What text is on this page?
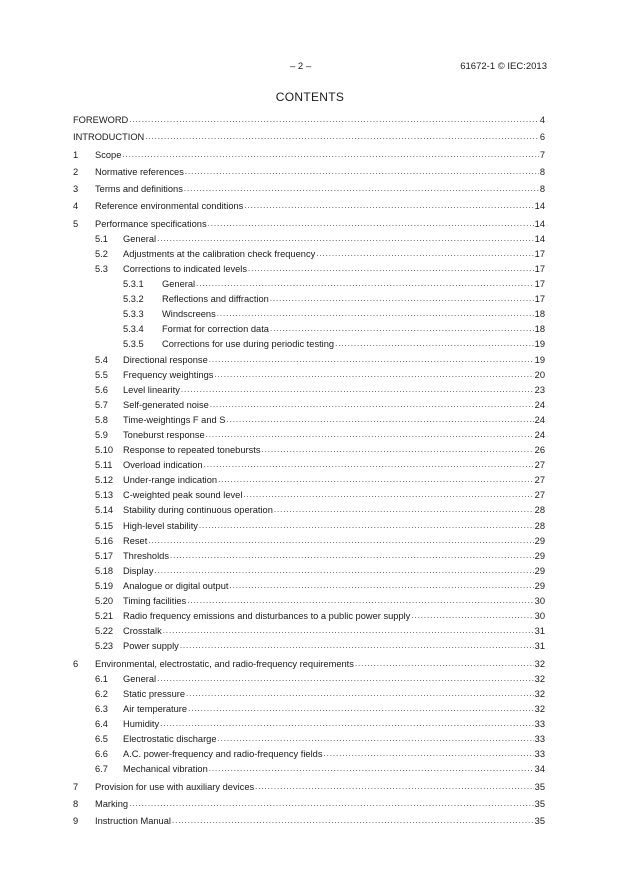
– 2 –	61672-1 © IEC:2013
CONTENTS
FOREWORD .....	4
INTRODUCTION .....	6
1 Scope .....	7
2 Normative references .....	8
3 Terms and definitions .....	8
4 Reference environmental conditions .....	14
5 Performance specifications .....	14
5.1 General .....	14
5.2 Adjustments at the calibration check frequency .....	17
5.3 Corrections to indicated levels .....	17
5.3.1 General .....	17
5.3.2 Reflections and diffraction .....	17
5.3.3 Windscreens .....	18
5.3.4 Format for correction data .....	18
5.3.5 Corrections for use during periodic testing .....	19
5.4 Directional response .....	19
5.5 Frequency weightings .....	20
5.6 Level linearity .....	23
5.7 Self-generated noise .....	24
5.8 Time-weightings F and S .....	24
5.9 Toneburst response .....	24
5.10 Response to repeated tonebursts .....	26
5.11 Overload indication .....	27
5.12 Under-range indication .....	27
5.13 C-weighted peak sound level .....	27
5.14 Stability during continuous operation .....	28
5.15 High-level stability .....	28
5.16 Reset .....	29
5.17 Thresholds .....	29
5.18 Display .....	29
5.19 Analogue or digital output .....	29
5.20 Timing facilities .....	30
5.21 Radio frequency emissions and disturbances to a public power supply .....	30
5.22 Crosstalk .....	31
5.23 Power supply .....	31
6 Environmental, electrostatic, and radio-frequency requirements .....	32
6.1 General .....	32
6.2 Static pressure .....	32
6.3 Air temperature .....	32
6.4 Humidity .....	33
6.5 Electrostatic discharge .....	33
6.6 A.C. power-frequency and radio-frequency fields .....	33
6.7 Mechanical vibration .....	34
7 Provision for use with auxiliary devices .....	35
8 Marking .....	35
9 Instruction Manual .....	35
